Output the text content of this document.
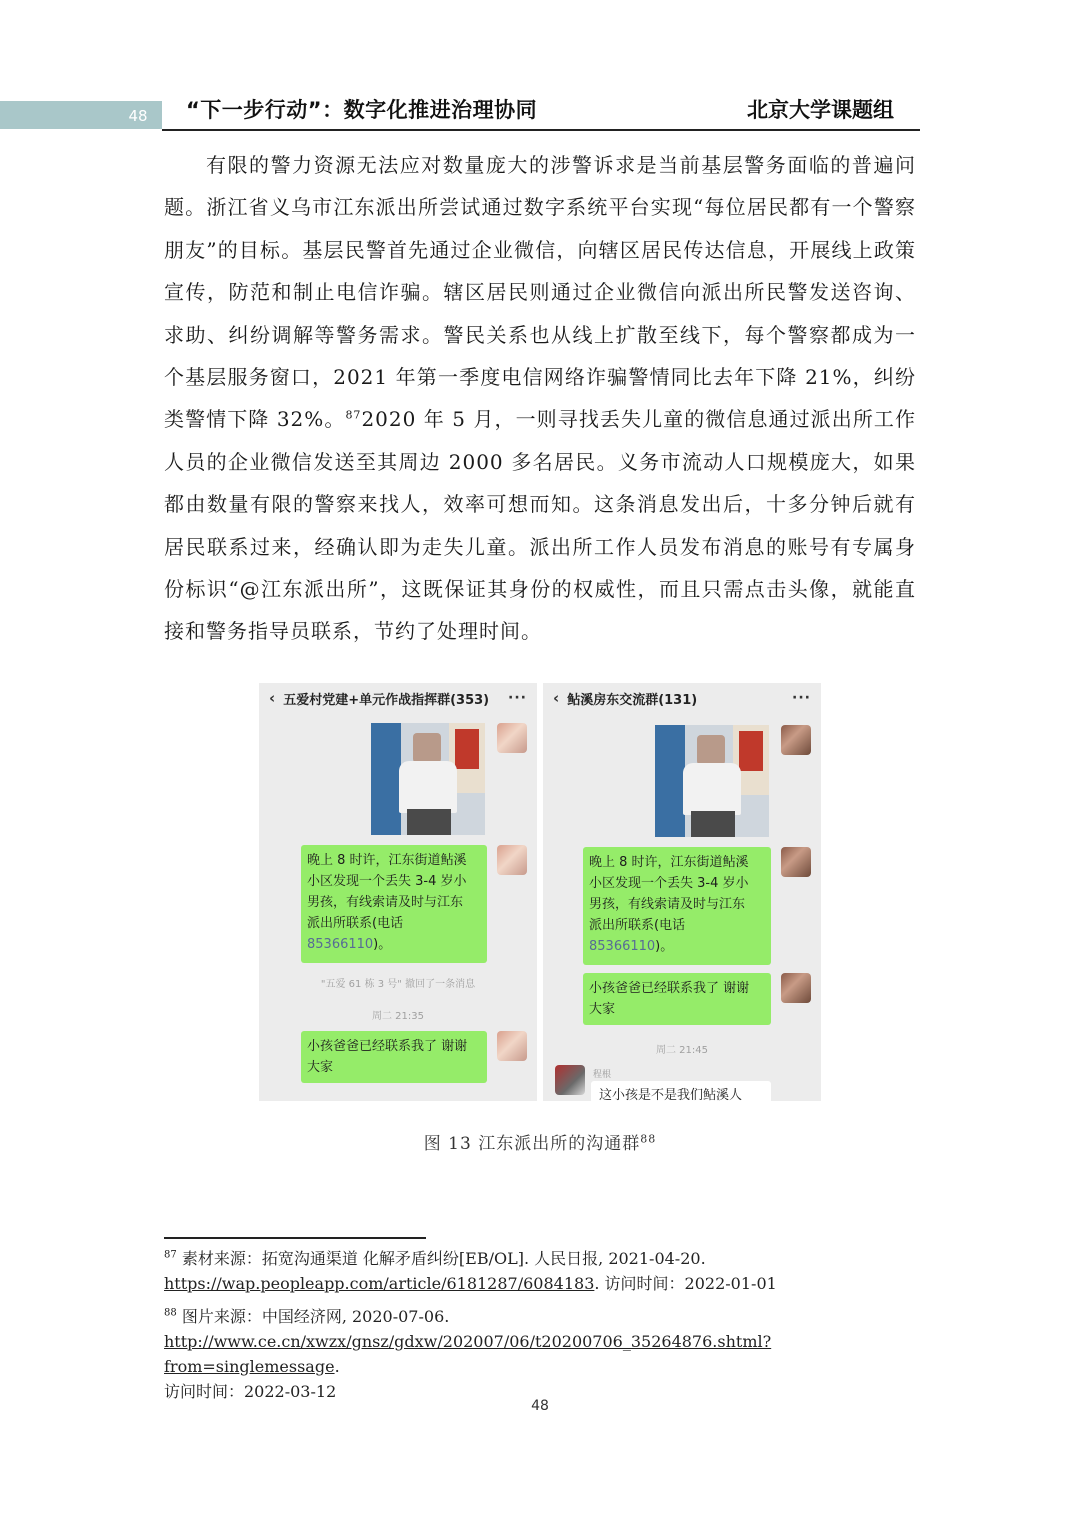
48	“下一步行动”：数字化推进治理协同	北京大学课题组

有限的警力资源无法应对数量庞大的涉警诉求是当前基层警务面临的普遍问题。浙江省义乌市江东派出所尝试通过数字系统平台实现“每位居民都有一个警察朋友”的目标。基层民警首先通过企业微信，向辖区居民传达信息，开展线上政策宣传，防范和制止电信诈骗。辖区居民则通过企业微信向派出所民警发送咨询、求助、纠纷调解等警务需求。警民关系也从线上扩散至线下，每个警察都成为一个基层服务窗口，2021 年第一季度电信网络诈骗警情同比去年下降 21%，纠纷类警情下降 32%。$^{87}$2020 年 5 月，一则寻找丢失儿童的微信息通过派出所工作人员的企业微信发送至其周边 2000 多名居民。义务市流动人口规模庞大，如果都由数量有限的警察来找人，效率可想而知。这条消息发出后，十多分钟后就有居民联系过来，经确认即为走失儿童。派出所工作人员发布消息的账号有专属身份标识“@江东派出所”，这既保证其身份的权威性，而且只需点击头像，就能直接和警务指导员联系，节约了处理时间。

‹ 五爱村党建+单元作战指挥群(353)	···
晚上 8 时许，江东街道鲇溪
小区发现一个丢失 3-4 岁小
男孩，有线索请及时与江东
派出所联系(电话
85366110)。
"五爱 61 栋 3 号" 撤回了一条消息
周二 21:35
小孩爸爸已经联系我了 谢谢
大家
‹ 鲇溪房东交流群(131)	···
晚上 8 时许，江东街道鲇溪
小区发现一个丢失 3-4 岁小
男孩，有线索请及时与江东
派出所联系(电话
85366110)。
小孩爸爸已经联系我了 谢谢
大家
周二 21:45
程根
这小孩是不是我们鲇溪人
图 13 江东派出所的沟通群$^{88}$
$^{87}$ 素材来源：拓宽沟通渠道 化解矛盾纠纷[EB/OL]. 人民日报, 2021-04-20.
https://wap.peopleapp.com/article/6181287/6084183. 访问时间：2022-01-01
$^{88}$ 图片来源：中国经济网, 2020-07-06.
http://www.ce.cn/xwzx/gnsz/gdxw/202007/06/t20200706_35264876.shtml?from=singlemessage.
访问时间：2022-03-12
48
